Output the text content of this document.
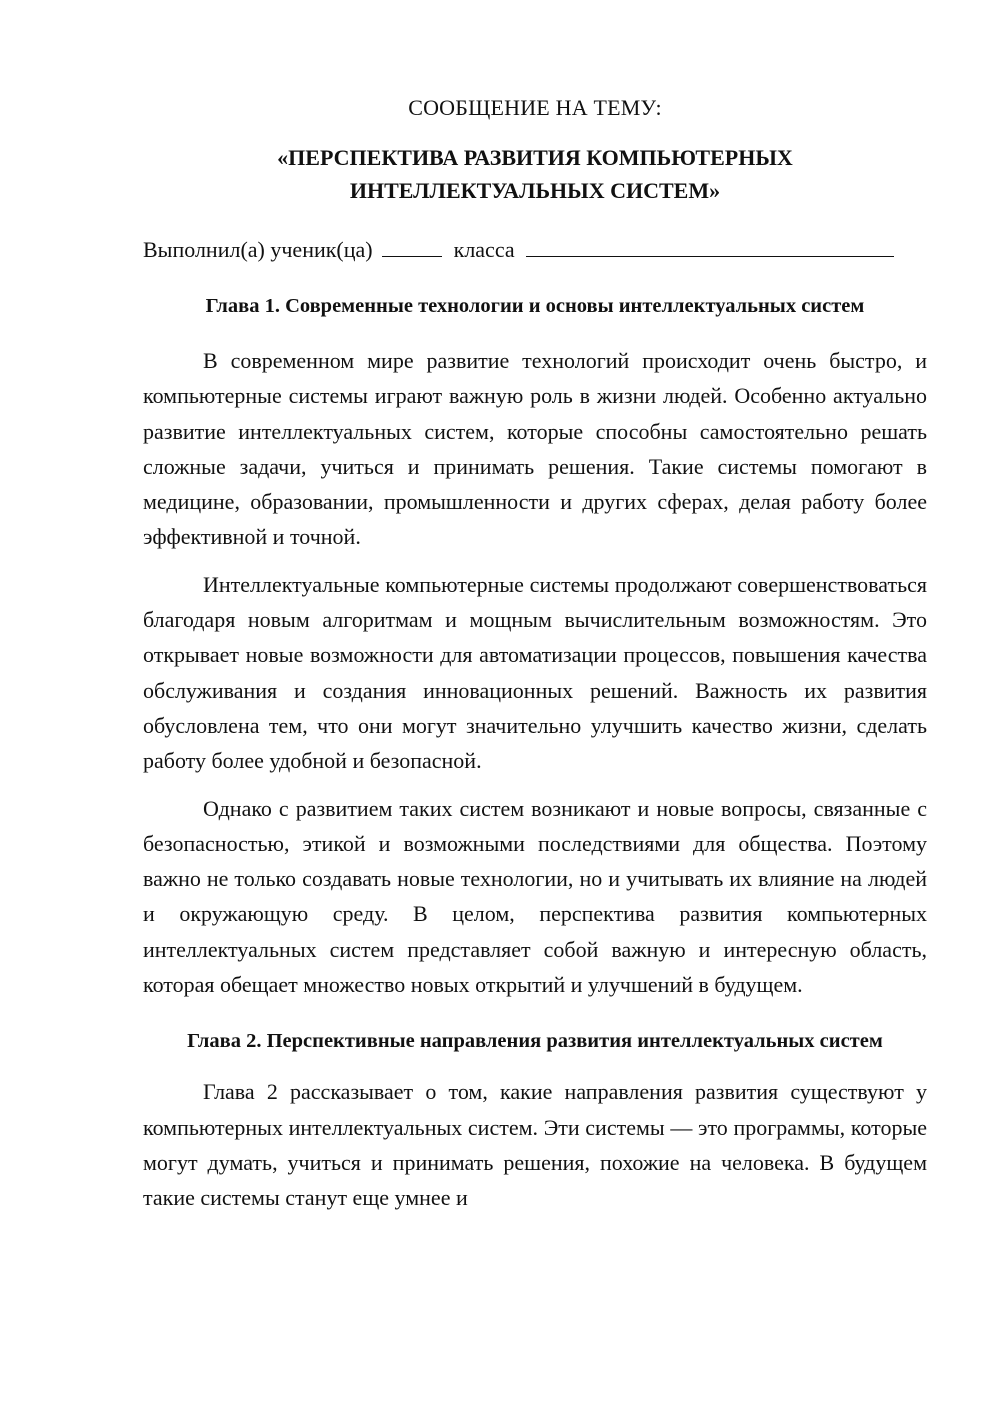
СООБЩЕНИЕ НА ТЕМУ:
«ПЕРСПЕКТИВА РАЗВИТИЯ КОМПЬЮТЕРНЫХ
ИНТЕЛЛЕКТУАЛЬНЫХ СИСТЕМ»
Выполнил(а) ученик(ца)	класса
Глава 1. Современные технологии и основы интеллектуальных систем

В современном мире развитие технологий происходит очень быстро, и компьютерные системы играют важную роль в жизни людей. Особенно актуально развитие интеллектуальных систем, которые способны самостоятельно решать сложные задачи, учиться и принимать решения. Такие системы помогают в медицине, образовании, промышленности и других сферах, делая работу более эффективной и точной.

Интеллектуальные компьютерные системы продолжают совершенствоваться благодаря новым алгоритмам и мощным вычислительным возможностям. Это открывает новые возможности для автоматизации процессов, повышения качества обслуживания и создания инновационных решений. Важность их развития обусловлена тем, что они могут значительно улучшить качество жизни, сделать работу более удобной и безопасной.

Однако с развитием таких систем возникают и новые вопросы, связанные с безопасностью, этикой и возможными последствиями для общества. Поэтому важно не только создавать новые технологии, но и учитывать их влияние на людей и окружающую среду. В целом, перспектива развития компьютерных интеллектуальных систем представляет собой важную и интересную область, которая обещает множество новых открытий и улучшений в будущем.

Глава 2. Перспективные направления развития интеллектуальных систем

Глава 2 рассказывает о том, какие направления развития существуют у компьютерных интеллектуальных систем. Эти системы — это программы, которые могут думать, учиться и принимать решения, похожие на человека. В будущем такие системы станут еще умнее и
